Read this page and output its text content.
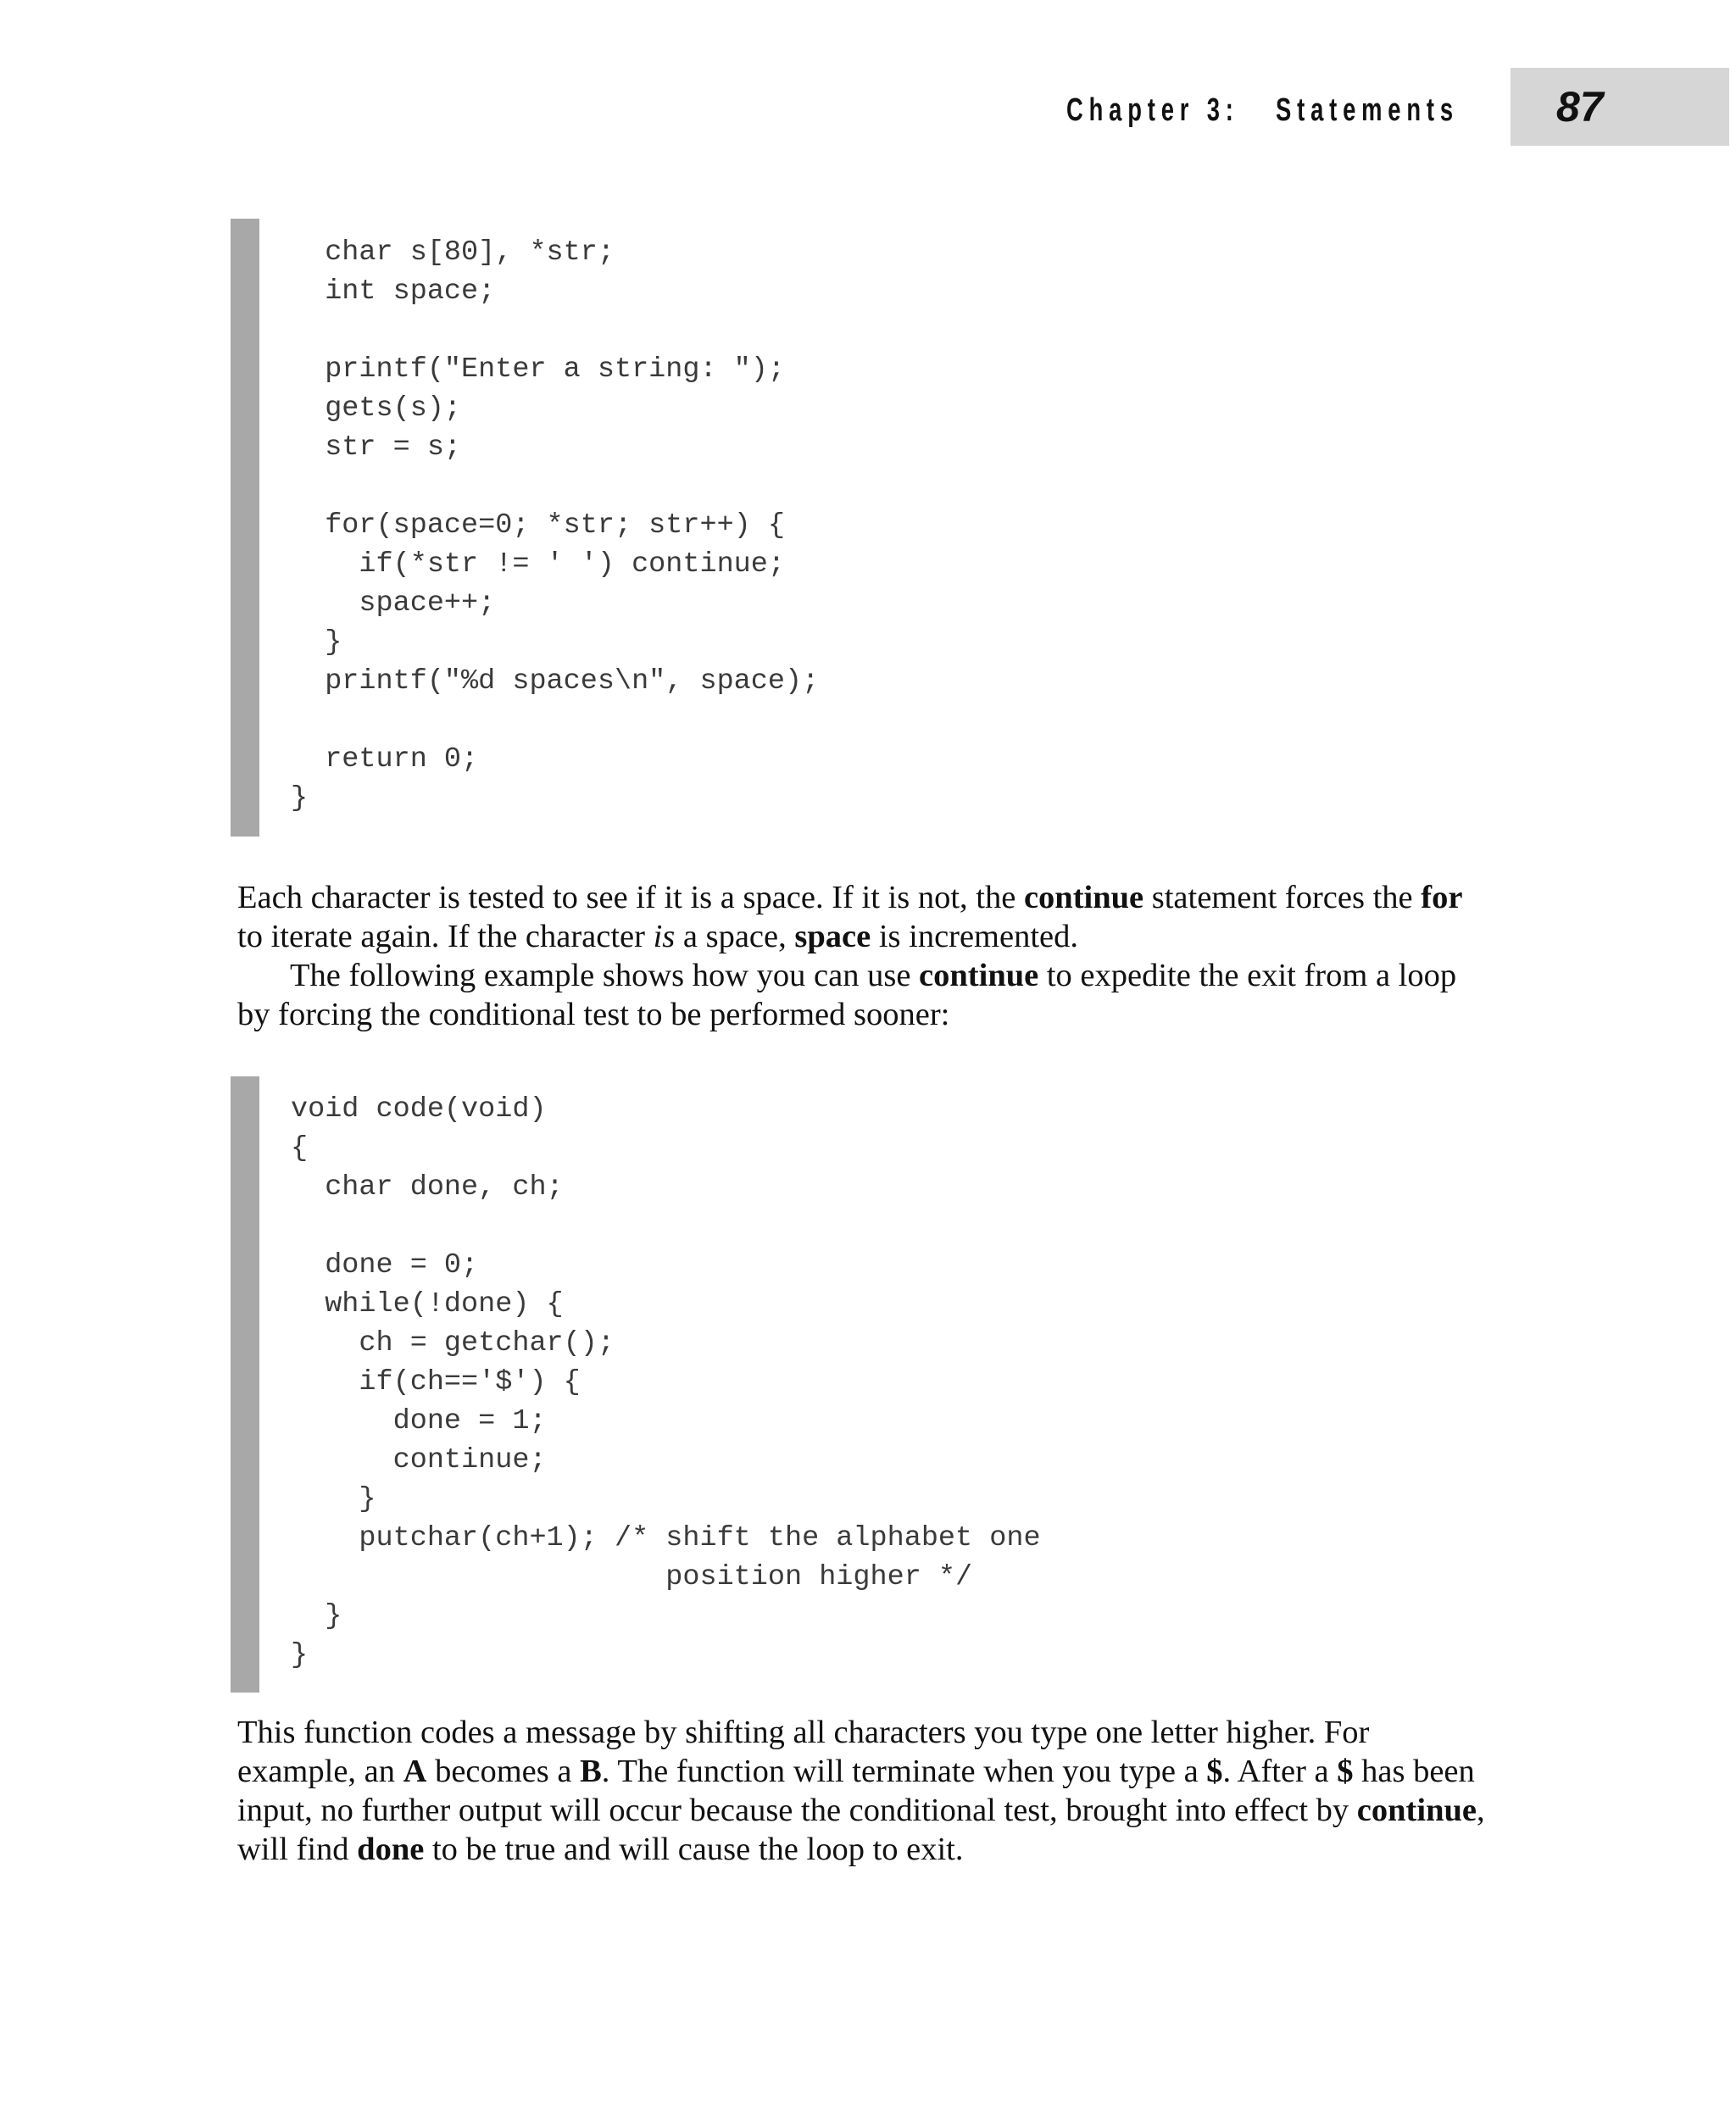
Chapter 3:   Statements 87
char s[80], *str;
int space;
printf("Enter a string: ");
gets(s);
str = s;
for(space=0; *str; str++) {
if(*str != ' ') continue;
space++;
}
printf("%d spaces\n", space);
return 0;
}

Each character is tested to see if it is a space. If it is not, the continue statement forces the for to iterate again. If the character is a space, space is incremented.

The following example shows how you can use continue to expedite the exit from a loop by forcing the conditional test to be performed sooner:

void code(void)
{
char done, ch;
done = 0;
while(!done) {
ch = getchar();
if(ch=='$') {
done = 1;
continue;
}
putchar(ch+1); /* shift the alphabet one
position higher */
}
}

This function codes a message by shifting all characters you type one letter higher. For example, an A becomes a B. The function will terminate when you type a $. After a $ has been input, no further output will occur because the conditional test, brought into effect by continue, will find done to be true and will cause the loop to exit.
